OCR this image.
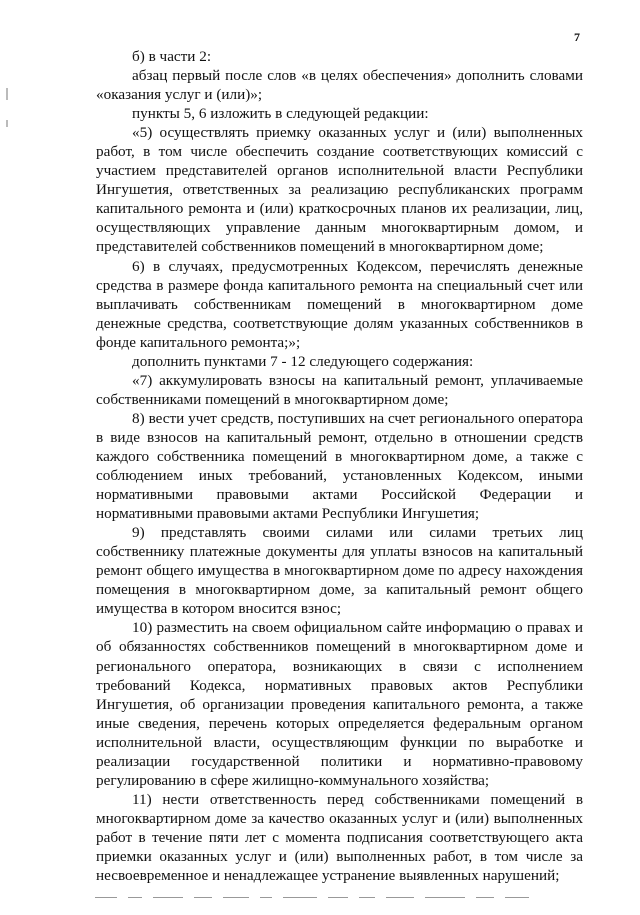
7

б) в части 2:

абзац первый после слов «в целях обеспечения» дополнить словами «оказания услуг и (или)»;

пункты 5, 6 изложить в следующей редакции:

«5) осуществлять приемку оказанных услуг и (или) выполненных работ, в том числе обеспечить создание соответствующих комиссий с участием представителей органов исполнительной власти Республики Ингушетия, ответственных за реализацию республиканских программ капитального ремонта и (или) краткосрочных планов их реализации, лиц, осуществляющих управление данным многоквартирным домом, и представителей собственников помещений в многоквартирном доме;

6) в случаях, предусмотренных Кодексом, перечислять денежные средства в размере фонда капитального ремонта на специальный счет или выплачивать собственникам помещений в многоквартирном доме денежные средства, соответствующие долям указанных собственников в фонде капитального ремонта;»;

дополнить пунктами 7 - 12 следующего содержания:

«7) аккумулировать взносы на капитальный ремонт, уплачиваемые собственниками помещений в многоквартирном доме;

8) вести учет средств, поступивших на счет регионального оператора в виде взносов на капитальный ремонт, отдельно в отношении средств каждого собственника помещений в многоквартирном доме, а также с соблюдением иных требований, установленных Кодексом, иными нормативными правовыми актами Российской Федерации и нормативными правовыми актами Республики Ингушетия;

9) представлять своими силами или силами третьих лиц собственнику платежные документы для уплаты взносов на капитальный ремонт общего имущества в многоквартирном доме по адресу нахождения помещения в многоквартирном доме, за капитальный ремонт общего имущества в котором вносится взнос;

10) разместить на своем официальном сайте информацию о правах и об обязанностях собственников помещений в многоквартирном доме и регионального оператора, возникающих в связи с исполнением требований Кодекса, нормативных правовых актов Республики Ингушетия, об организации проведения капитального ремонта, а также иные сведения, перечень которых определяется федеральным органом исполнительной власти, осуществляющим функции по выработке и реализации государственной политики и нормативно-правовому регулированию в сфере жилищно-коммунального хозяйства;

11) нести ответственность перед собственниками помещений в многоквартирном доме за качество оказанных услуг и (или) выполненных работ в течение пяти лет с момента подписания соответствующего акта приемки оказанных услуг и (или) выполненных работ, в том числе за несвоевременное и ненадлежащее устранение выявленных нарушений;
